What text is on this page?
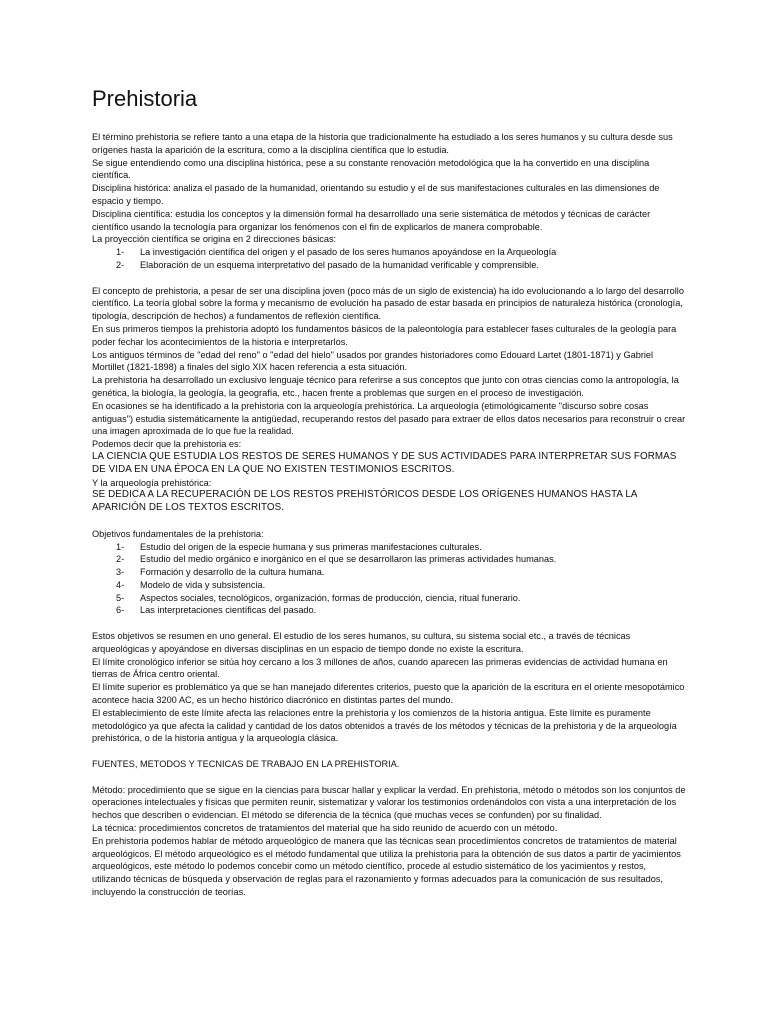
Prehistoria

El término prehistoria se refiere tanto a una etapa de la historia que tradicionalmente ha estudiado a los seres humanos y su cultura desde sus orígenes hasta la aparición de la escritura, como a la disciplina científica que lo estudia.

Se sigue entendiendo como una disciplina histórica, pese a su constante renovación metodológica que la ha convertido en una disciplina científica.

Disciplina histórica: analiza el pasado de la humanidad, orientando su estudio y el de sus manifestaciones culturales en las dimensiones de espacio y tiempo.

Disciplina científica: estudia los conceptos y la dimensión formal ha desarrollado una serie sistemática de métodos y técnicas de carácter científico usando la tecnología para organizar los fenómenos con el fin de explicarlos de manera comprobable.

La proyección científica se origina en 2 direcciones básicas:

1-	La investigación científica del origen y el pasado de los seres humanos apoyándose en la Arqueología
2-	Elaboración de un esquema interpretativo del pasado de la humanidad verificable y comprensible.

El concepto de prehistoria, a pesar de ser una disciplina joven (poco más de un siglo de existencia) ha ido evolucionando a lo largo del desarrollo científico. La teoría global sobre la forma y mecanismo de evolución ha pasado de estar basada en principios de naturaleza histórica (cronología, tipología, descripción de hechos) a fundamentos de reflexión científica.

En sus primeros tiempos la prehistoria adoptó los fundamentos básicos de la paleontología para establecer fases culturales de la geología para poder fechar los acontecimientos de la historia e interpretarlos.

Los antiguos términos de "edad del reno" o "edad del hielo" usados por grandes historiadores como Edouard Lartet (1801-1871) y Gabriel Mortillet (1821-1898) a finales del siglo XIX hacen referencia a esta situación.

La prehistoria ha desarrollado un exclusivo lenguaje técnico para referirse a sus conceptos que junto con otras ciencias como la antropología, la genética, la biología, la geología, la geografía, etc., hacen frente a problemas que surgen en el proceso de investigación.

En ocasiones se ha identificado a la prehistoria con la arqueología prehistórica. La arqueología (etimológicamente "discurso sobre cosas antiguas") estudia sistemáticamente la antigüedad, recuperando restos del pasado para extraer de ellos datos necesarios para reconstruir o crear una imagen aproximada de lo que fue la realidad.

Podemos decir que la prehistoria es:

LA CIENCIA QUE ESTUDIA LOS RESTOS DE SERES HUMANOS Y DE SUS ACTIVIDADES PARA INTERPRETAR SUS FORMAS DE VIDA EN UNA ÉPOCA EN LA QUE NO EXISTEN TESTIMONIOS ESCRITOS.

Y la arqueología prehistórica:

SE DEDICA A LA RECUPERACIÓN DE LOS RESTOS PREHISTÓRICOS DESDE LOS ORÍGENES HUMANOS HASTA LA APARICIÓN DE LOS TEXTOS ESCRITOS.

Objetivos fundamentales de la prehistoria:

1-	Estudio del origen de la especie humana y sus primeras manifestaciones culturales.
2-	Estudio del medio orgánico e inorgánico en el que se desarrollaron las primeras actividades humanas.
3-	Formación y desarrollo de la cultura humana.
4-	Modelo de vida y subsistencia.
5-	Aspectos sociales, tecnológicos, organización, formas de producción, ciencia, ritual funerario.
6-	Las interpretaciones científicas del pasado.

Estos objetivos se resumen en uno general. El estudio de los seres humanos, su cultura, su sistema social etc., a través de técnicas arqueológicas y apoyándose en diversas disciplinas en un espacio de tiempo donde no existe la escritura.

El límite cronológico inferior se sitúa hoy cercano a los 3 millones de años, cuando aparecen las primeras evidencias de actividad humana en tierras de África centro oriental.

El límite superior es problemático ya que se han manejado diferentes criterios, puesto que la aparición de la escritura en el oriente mesopotámico acontece hacia 3200 AC, es un hecho histórico diacrónico en distintas partes del mundo.

El establecimiento de este límite afecta las relaciones entre la prehistoria y los comienzos de la historia antigua. Este límite es puramente metodológico ya que afecta la calidad y cantidad de los datos obtenidos a través de los métodos y técnicas de la prehistoria y de la arqueología prehistórica, o de la historia antigua y la arqueología clásica.

FUENTES, METODOS Y TECNICAS DE TRABAJO EN LA PREHISTORIA.

Método: procedimiento que se sigue en la ciencias para buscar hallar y explicar la verdad. En prehistoria, método o métodos son los conjuntos de operaciones intelectuales y físicas que permiten reunir, sistematizar y valorar los testimonios ordenándolos con vista a una interpretación de los hechos que describen o evidencian. El método se diferencia de la técnica (que muchas veces se confunden) por su finalidad.

La técnica: procedimientos concretos de tratamientos del material que ha sido reunido de acuerdo con un método.

En prehistoria podemos hablar de método arqueológico de manera que las técnicas sean procedimientos concretos de tratamientos de material arqueológicos. El método arqueológico es el método fundamental que utiliza la prehistoria para la obtención de sus datos a partir de yacimientos arqueológicos, este método lo podemos concebir como un método científico, procede al estudio sistemático de los yacimientos y restos, utilizando técnicas de búsqueda y observación de reglas para el razonamiento y formas adecuados para la comunicación de sus resultados, incluyendo la construcción de teorías.
